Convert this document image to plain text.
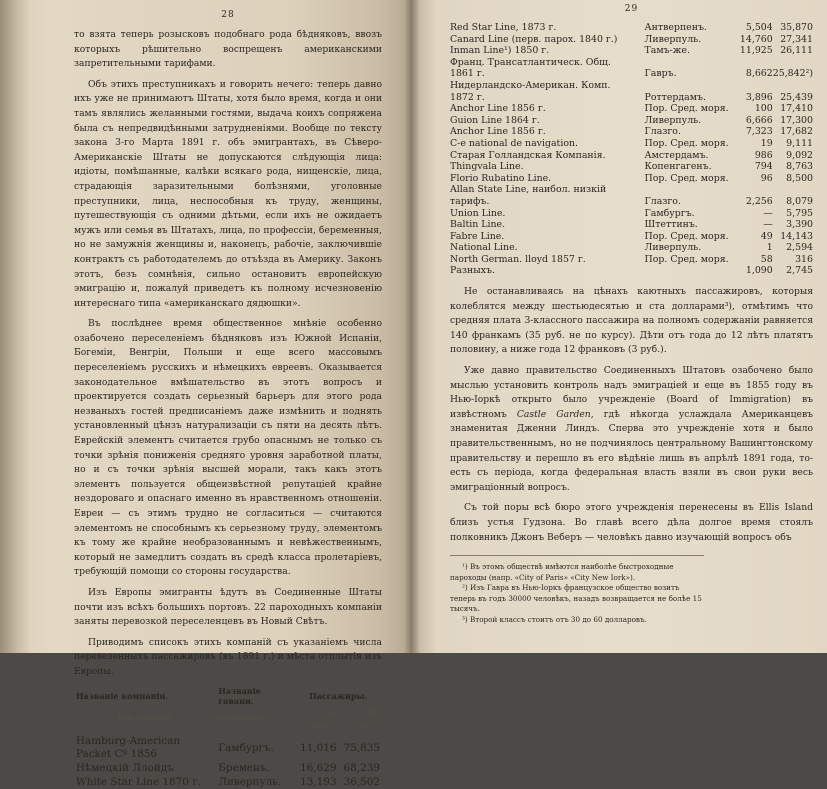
28

то взята теперь розысковъ подобнаго рода бѣдняковъ, ввозъ которыхъ рѣшительно воспрещенъ американскими запретительными тарифами.

Объ этихъ преступникахъ и говорить нечего: теперь давно ихъ уже не принимаютъ Штаты, хотя было время, когда и они тамъ являлись желанными гостями, выдача коихъ сопряжена была съ непредвидѣнными затрудненіями. Вообще по тексту закона 3-го Марта 1891 г. объ эмигрантахъ, въ Сѣверо-Американскіе Штаты не допускаются слѣдующія лица: идіоты, помѣшанные, калѣки всякаго рода, нищенскіе, лица, страдающія заразительными болѣзнями, уголовные преступники, лица, неспособныя къ труду, женщины, путешествующія съ одними дѣтьми, если ихъ не ожидаетъ мужъ или семья въ Штатахъ, лица, по профессіи, беременныя, но не замужнія женщины и, наконецъ, рабочіе, заключившіе контрактъ съ работодателемъ до отъѣзда въ Америку. Законъ этотъ, безъ сомнѣнія, сильно остановитъ европейскую эмиграцію и, пожалуй приведетъ къ полному исчезновенію интереснаго типа «американскаго дядюшки».

Въ послѣднее время общественное мнѣніе особенно озабочено переселеніемъ бѣдняковъ изъ Южной Испаніи, Богеміи, Венгріи, Польши и еще всего массовымъ переселеніемъ русскихъ и нѣмецкихъ евреевъ. Оказывается законодательное вмѣшательство въ этотъ вопросъ и проектируется создать серьезный барьеръ для этого рода незваныхъ гостей предписаніемъ даже измѣнить и поднять установленный цѣнзъ натурализаціи съ пяти на десять лѣтъ. Еврейскій элементъ считается грубо опаснымъ не только съ точки зрѣнія пониженія средняго уровня заработной платы, но и съ точки зрѣнія высшей морали, такъ какъ этотъ элементъ пользуется общеизвѣстной репутаціей крайне нездороваго и опаснаго именно въ нравственномъ отношеніи. Евреи — съ этимъ трудно не согласиться — считаются элементомъ не способнымъ къ серьезному труду, элементомъ къ тому же крайне необразованнымъ и невѣжественнымъ, который не замедлитъ создать въ средѣ класса пролетаріевъ, требующій помощи со стороны государства.

Изъ Европы эмигранты ѣдутъ въ Соединенные Штаты почти изъ всѣхъ большихъ портовъ. 22 пароходныхъ компаніи заняты перевозкой переселенцевъ въ Новый Свѣтъ.

Приводимъ списокъ этихъ компаній съ указаніемъ числа перевезенныхъ пассажировъ (въ 1891 г.) и мѣста отплытія изъ Европы.

Названіе компаніи.	Названіе гавани.	Пассажиры.	
Годъ основанія.	Отправленія.	1—2 классъ.	3-го классъ.
Hamburg-American Packet Cº 1856	Гамбургъ.	11,016	75,835
Нѣмецкій Ллойдъ	Бременъ.	16,629	68,239
White Star Line 1870 г.	Ливерпуль.	13,193	36,502
29
Red Star Line, 1873 г.	Антверпенъ.	5,504	35,870
Canard Line (перв. парох. 1840 г.)	Ливерпуль.	14,760	27,341
Inman Line¹) 1850 г.	Тамъ-же.	11,925	26,111
Франц. Трансатлантическ. Общ.			
1861 г.	Гавръ.	8,662	25,842²)
Нидерландско-Американ. Комп.			
1872 г.	Роттердамъ.	3,896	25,439
Anchor Line 1856 г.	Пор. Сред. моря.	100	17,410
Guion Line 1864 г.	Ливерпуль.	6,666	17,300
Anchor Line 1856 г.	Глазго.	7,323	17,682
C-e national de navigation.	Пор. Сред. моря.	19	9,111
Старая Голландская Компанія.	Амстердамъ.	986	9,092
Thingvala Line.	Копенгагенъ.	794	8,763
Florio Rubatino Line.	Пор. Сред. моря.	96	8,500
Allan State Line, наибол. низкій			
тарифъ.	Глазго.	2,256	8,079
Union Line.	Гамбургъ.	—	5,795
Baltin Line.	Штеттинъ.	—	3,390
Fabre Line.	Пор. Сред. моря.	49	14,143
National Line.	Ливерпуль.	1	2,594
North German. lloyd 1857 г.	Пор. Сред. моря.	58	316
Разныхъ.		1,090	2,745

Не останавливаясь на цѣнахъ каютныхъ пассажировъ, которыя колеблятся между шестьюдесятью и ста долларами³), отмѣтимъ что средняя плата 3-классного пассажира на полномъ содержаніи равняется 140 франкамъ (35 руб. не по курсу). Дѣти отъ года до 12 лѣтъ платятъ половину, а ниже года 12 франковъ (3 руб.).

Уже давно правительство Соединенныхъ Штатовъ озабочено было мыслью установить контроль надъ эмиграціей и еще въ 1855 году въ Нью-Іоркѣ открыто было учрежденіе (Board of Immigration) въ извѣстномъ Castle Garden, гдѣ нѣкогда услаждала Американцевъ знаменитая Дженни Линдъ. Сперва это учрежденіе хотя и было правительственнымъ, но не подчинялось центральному Вашингтонскому правительству и перешло въ его вѣдѣніе лишь въ апрѣлѣ 1891 года, то-есть съ періода, когда федеральная власть взяли въ свои руки весь эмиграціонный вопросъ.

Съ той поры всѣ бюро этого учрежденія перенесены въ Ellis Island близъ устья Гудзона. Во главѣ всего дѣла долгое время стоялъ полковникъ Джонъ Веберъ — человѣкъ давно изучающій вопросъ объ

¹) Въ этомъ обществѣ имѣются наиболѣе быстроходные пароходы (напр. «City of Paris» «City New Iork»).
²) Изъ Гавра въ Нью-Іоркъ французское общество возитъ теперь въ годъ 30000 человѣкъ, назадъ возвращается не болѣе 15 тысячъ.
³) Второй классъ стоитъ отъ 30 до 60 долларовъ.
